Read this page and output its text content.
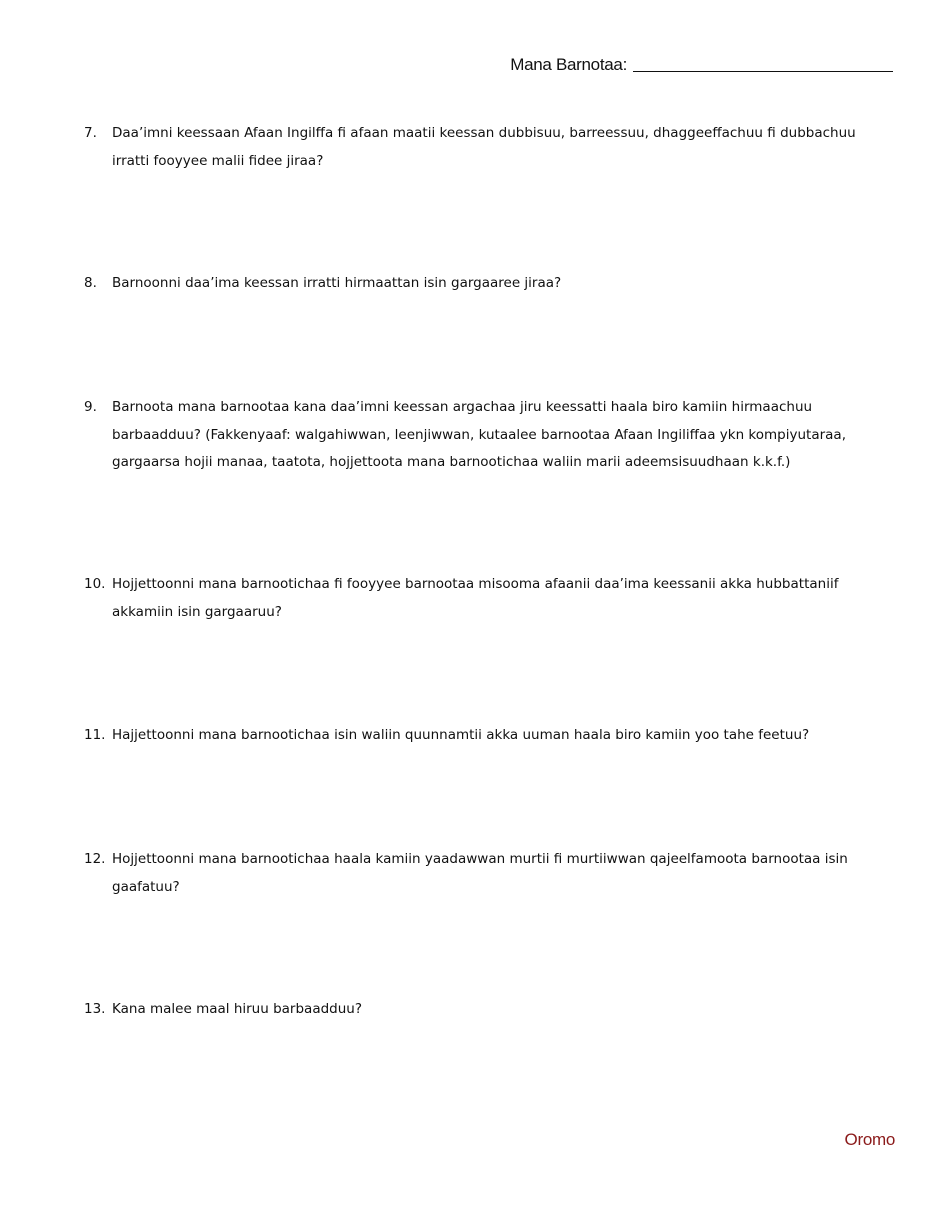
Mana Barnotaa:
7. Daa’imni keessaan Afaan Ingilffa fi afaan maatii keessan dubbisuu, barreessuu, dhaggeeffachuu fi dubbachuu irratti fooyyee malii fidee jiraa?
8. Barnoonni daa’ima keessan irratti hirmaattan isin gargaaree jiraa?
9. Barnoota mana barnootaa kana daa’imni keessan argachaa jiru keessatti haala biro kamiin hirmaachuu barbaadduu? (Fakkenyaaf: walgahiwwan, leenjiwwan, kutaalee barnootaa Afaan Ingiliffaa ykn kompiyutaraa, gargaarsa hojii manaa, taatota, hojjettoota mana barnootichaa waliin marii adeemsisuudhaan k.k.f.)
10. Hojjettoonni mana barnootichaa fi fooyyee barnootaa misooma afaanii daa’ima keessanii akka hubbattaniif akkamiin isin gargaaruu?
11. Hajjettoonni mana barnootichaa isin waliin quunnamtii akka uuman haala biro kamiin yoo tahe feetuu?
12. Hojjettoonni mana barnootichaa haala kamiin yaadawwan murtii fi murtiiwwan qajeelfamoota barnootaa isin gaafatuu?
13. Kana malee maal hiruu barbaadduu?
Oromo
